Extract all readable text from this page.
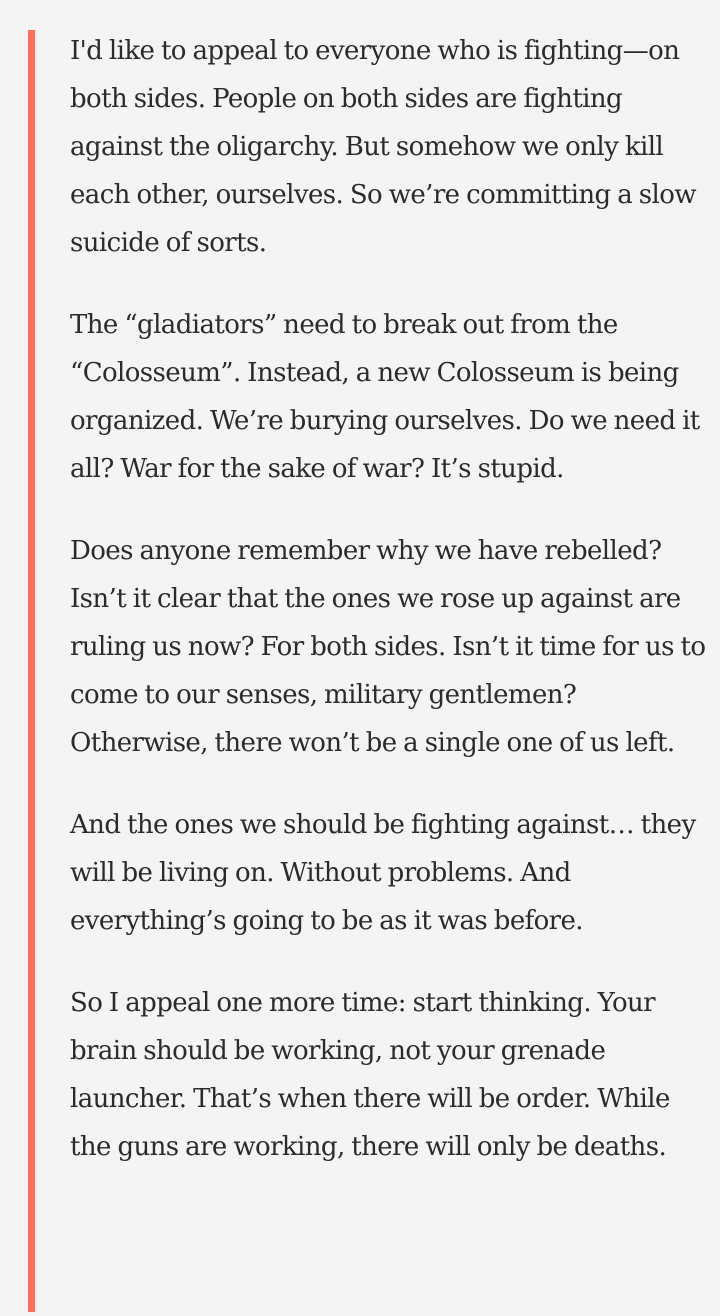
I'd like to appeal to everyone who is fighting—on both sides. People on both sides are fighting against the oligarchy. But somehow we only kill each other, ourselves. So we’re committing a slow suicide of sorts.

The “gladiators” need to break out from the “Colosseum”. Instead, a new Colosseum is being organized. We’re burying ourselves. Do we need it all? War for the sake of war? It’s stupid.

Does anyone remember why we have rebelled? Isn’t it clear that the ones we rose up against are ruling us now? For both sides. Isn’t it time for us to come to our senses, military gentlemen? Otherwise, there won’t be a single one of us left.

And the ones we should be fighting against… they will be living on. Without problems. And everything’s going to be as it was before.

So I appeal one more time: start thinking. Your brain should be working, not your grenade launcher. That’s when there will be order. While the guns are working, there will only be deaths.
